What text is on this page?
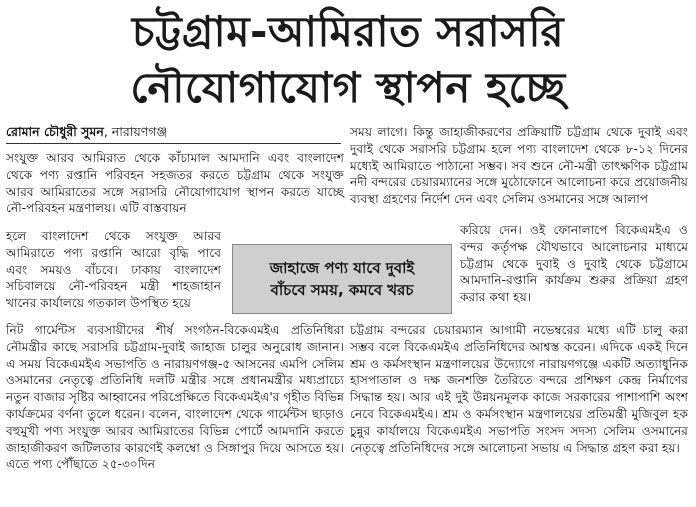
চট্টগ্রাম-আমিরাত সরাসরি
নৌযোগাযোগ স্থাপন হচ্ছে
রোমান চৌধুরী সুমন, নারায়ণগঞ্জ

সংযুক্ত আরব আমিরাত থেকে কাঁচামাল আমদানি এবং বাংলাদেশ থেকে পণ্য রপ্তানি পরিবহন সহজতর করতে চট্টগ্রাম থেকে সংযুক্ত আরব আমিরাতের সঙ্গে সরাসরি নৌযোগাযোগ স্থাপন করতে যাচ্ছে নৌ-পরিবহন মন্ত্রণালয়। এটি বাস্তবায়ন

হলে বাংলাদেশ থেকে সংযুক্ত আরব আমিরাতে পণ্য রপ্তানি আরো বৃদ্ধি পাবে এবং সময়ও বাঁচবে। ঢাকায় বাংলাদেশ সচিবালয়ে নৌ-পরিবহন মন্ত্রী শাহজাহান খানের কার্যালয়ে গতকাল উপস্থিত হয়ে

নিট গার্মেন্টস ব্যবসায়ীদের শীর্ষ সংগঠন-বিকেএমইএ প্রতিনিধিরা নৌমন্ত্রীর কাছে সরাসরি চট্টগ্রাম-দুবাই জাহাজ চালুর অনুরোধ জানান। এ সময় বিকেএমইএ সভাপতি ও নারায়ণগঞ্জ-৫ আসনের এমপি সেলিম ওসমানের নেতৃত্বে প্রতিনিধি দলটি মন্ত্রীর সঙ্গে প্রধানমন্ত্রীর মধ্যপ্রাচ্যে নতুন বাজার সৃষ্টির আহ্বানের পরিপ্রেক্ষিতে বিকেএমইএ'র গৃহীত বিভিন্ন কার্যক্রমের বর্ণনা তুলে ধরেন। বলেন, বাংলাদেশ থেকে গার্মেন্টস ছাড়াও বহুমুখী পণ্য সংযুক্ত আরব আমিরাতের বিভিন্ন পোর্টে আমদানি করতে জাহাজীকরণ জটিলতার কারণেই কলম্বো ও সিঙ্গাপুর দিয়ে আসতে হয়। এতে পণ্য পৌঁছাতে ২৫-৩০দিন

সময় লাগে। কিন্তু জাহাজীকরণের প্রক্রিয়াটি চট্টগ্রাম থেকে দুবাই এবং দুবাই থেকে সরাসরি চট্টগ্রাম হলে পণ্য বাংলাদেশ থেকে ৮-১২ দিনের মধ্যেই আমিরাতে পাঠানো সম্ভব। সব শুনে নৌ-মন্ত্রী তাৎক্ষণিক চট্টগ্রাম নদী বন্দরের চেয়ারম্যানের সঙ্গে মুঠোফোনে আলোচনা করে প্রয়োজনীয় ব্যবস্থা গ্রহণের নির্দেশ দেন এবং সেলিম ওসমানের সঙ্গে আলাপ

করিয়ে দেন। ওই ফোনালাপে বিকেএমইএ ও বন্দর কর্তৃপক্ষ যৌথভাবে আলোচনার মাধ্যমে চট্টগ্রাম থেকে দুবাই ও দুবাই থেকে চট্টগ্রামে আমদানি-রপ্তানি কার্যক্রম শুরুর প্রক্রিয়া গ্রহণ করার কথা হয়।

চট্টগ্রাম বন্দরের চেয়ারম্যান আগামী নভেম্বরের মধ্যে এটি চালু করা সম্ভব বলে বিকেএমইএ প্রতিনিধিদের আশ্বস্ত করেন। এদিকে একই দিনে শ্রম ও কর্মসংস্থান মন্ত্রণালয়ের উদ্যোগে নারায়ণগঞ্জে একটি অত্যাধুনিক হাসপাতাল ও দক্ষ জনশক্তি তৈরিতে বন্দরে প্রশিক্ষণ কেন্দ্র নির্মাণের সিদ্ধান্ত হয়। আর এই দুই উন্নয়নমূলক কাজে সরকারের পাশাপাশি অংশ নেবে বিকেএমইএ। শ্রম ও কর্মসংস্থান মন্ত্রণালয়ের প্রতিমন্ত্রী মুজিবুল হক চুন্নুর কার্যালয়ে বিকেএমইএ সভাপতি সংসদ সদস্য সেলিম ওসমানের নেতৃত্বে প্রতিনিধিদের সঙ্গে আলোচনা সভায় এ সিদ্ধান্ত গ্রহণ করা হয়।

জাহাজে পণ্য যাবে দুবাই
বাঁচবে সময়, কমবে খরচ
